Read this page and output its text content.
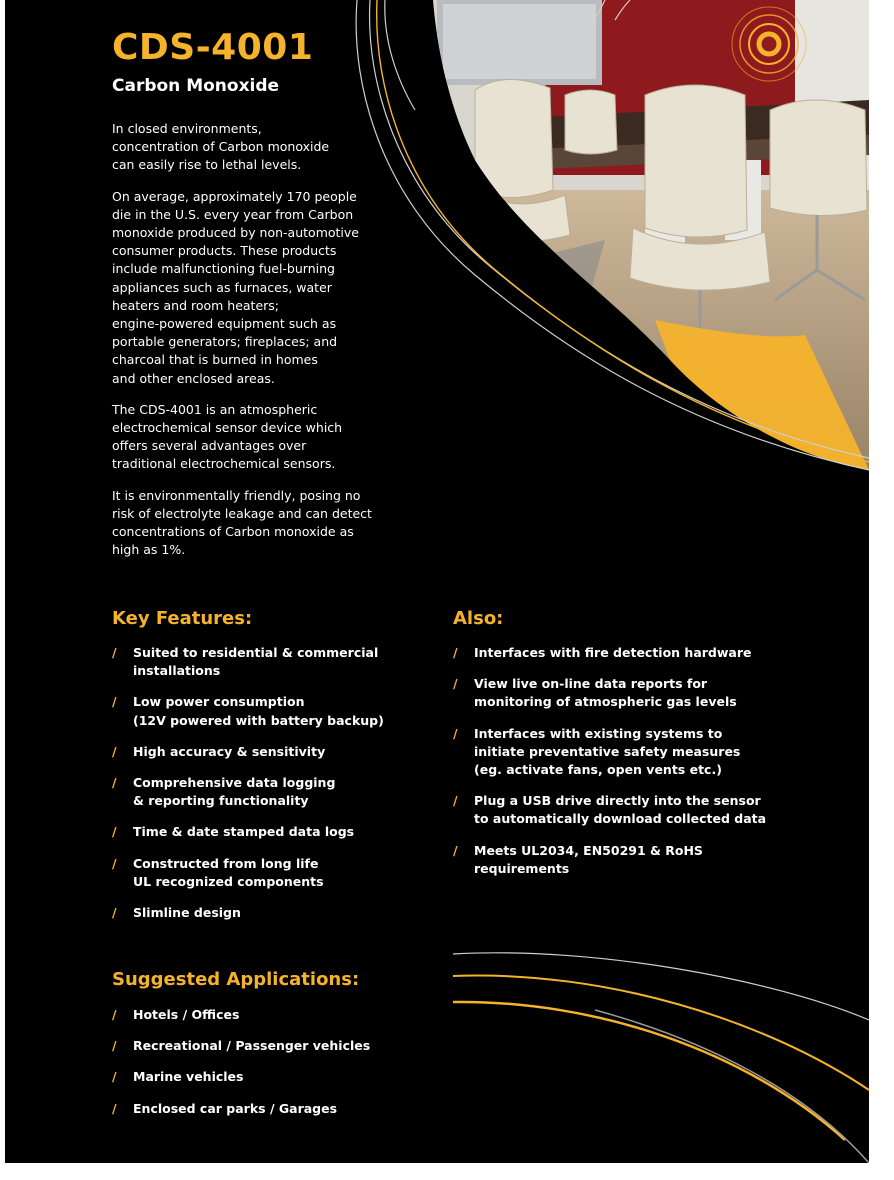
CDS-4001
Carbon Monoxide

In closed environments,
concentration of Carbon monoxide
can easily rise to lethal levels.

On average, approximately 170 people
die in the U.S. every year from Carbon
monoxide produced by non-automotive
consumer products. These products
include malfunctioning fuel-burning
appliances such as furnaces, water
heaters and room heaters;
engine-powered equipment such as
portable generators; fireplaces; and
charcoal that is burned in homes
and other enclosed areas.

The CDS-4001 is an atmospheric
electrochemical sensor device which
offers several advantages over
traditional electrochemical sensors.

It is environmentally friendly, posing no
risk of electrolyte leakage and can detect
concentrations of Carbon monoxide as
high as 1%.

Key Features:
/ Suited to residential & commercial
installations
/ Low power consumption
(12V powered with battery backup)
/ High accuracy & sensitivity
/ Comprehensive data logging
& reporting functionality
/ Time & date stamped data logs
/ Constructed from long life
UL recognized components
/ Slimline design
Also:
/ Interfaces with fire detection hardware
/ View live on-line data reports for
monitoring of atmospheric gas levels
/ Interfaces with existing systems to
initiate preventative safety measures
(eg. activate fans, open vents etc.)
/ Plug a USB drive directly into the sensor
to automatically download collected data
/ Meets UL2034, EN50291 & RoHS
requirements
Suggested Applications:
/ Hotels / Offices
/ Recreational / Passenger vehicles
/ Marine vehicles
/ Enclosed car parks / Garages
